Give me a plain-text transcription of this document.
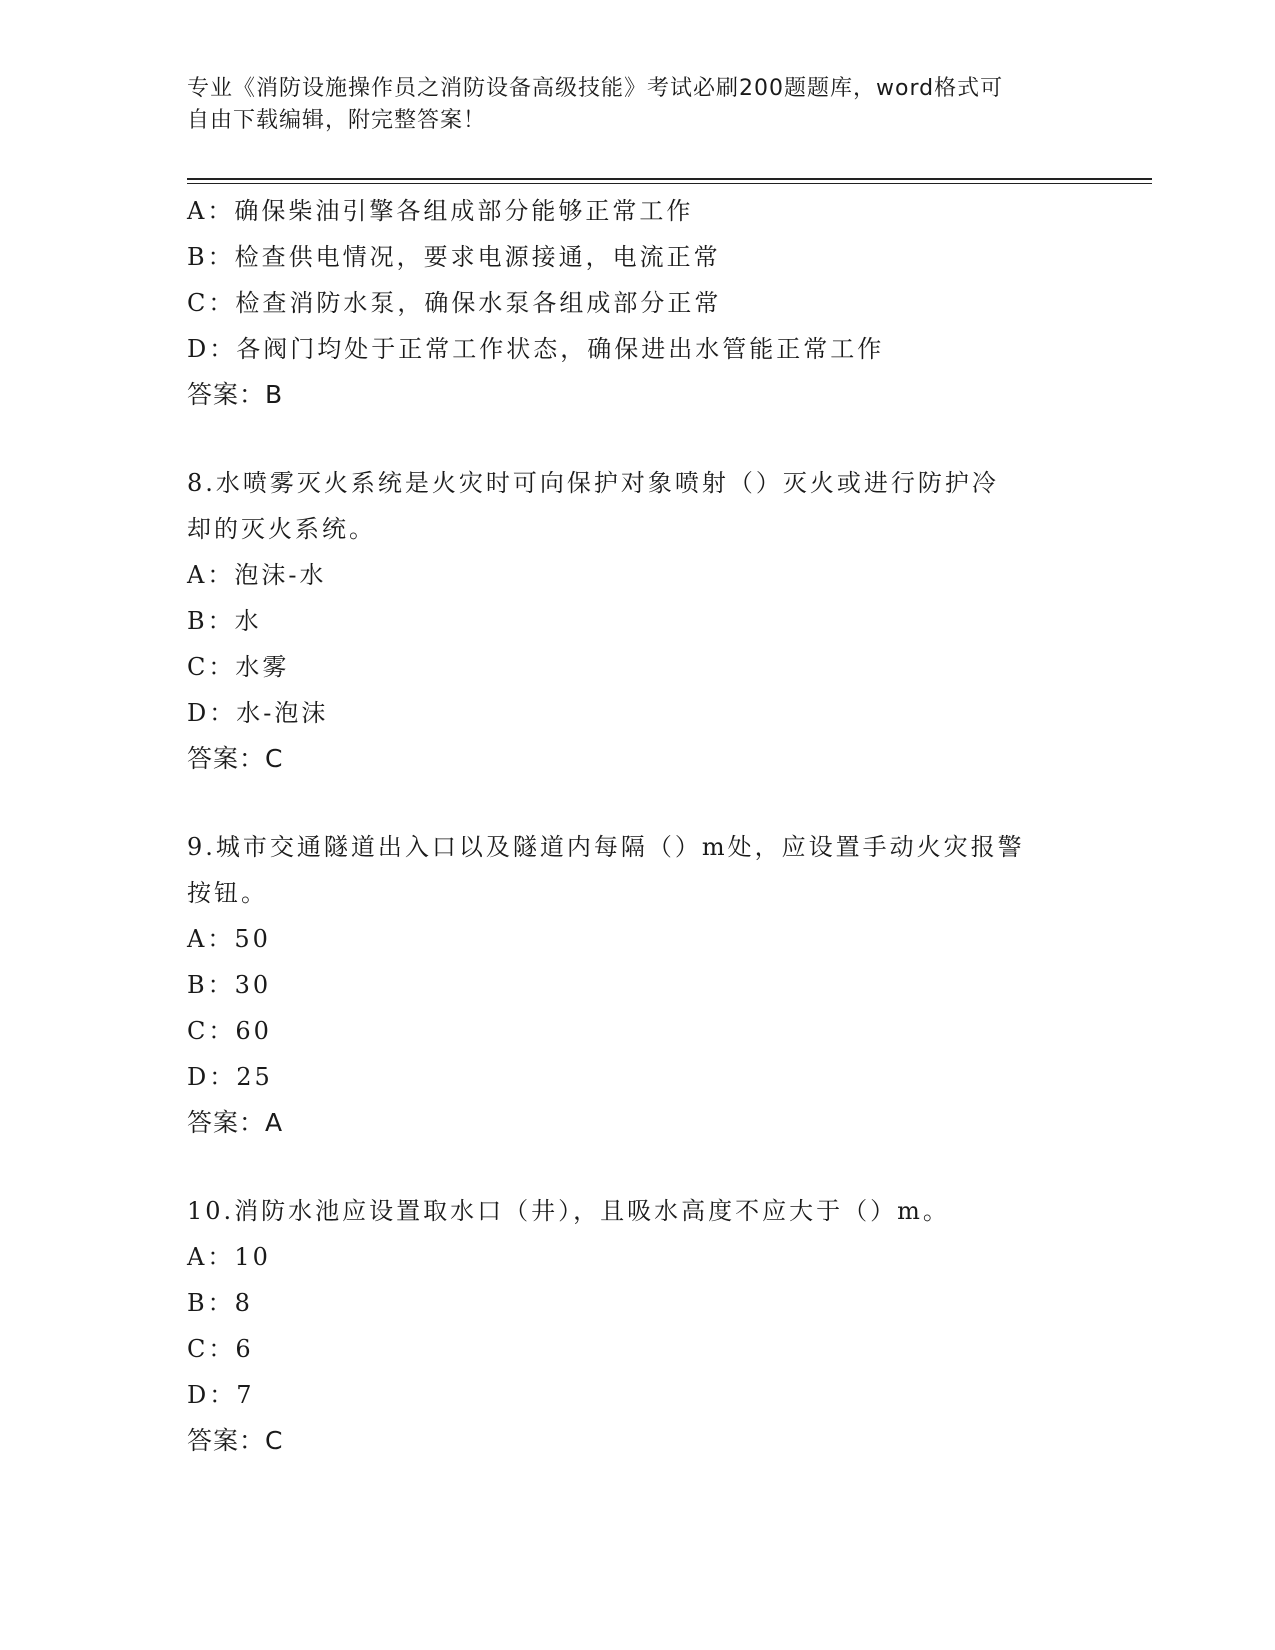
专业《消防设施操作员之消防设备高级技能》考试必刷200题题库，word格式可
自由下载编辑，附完整答案！
A：确保柴油引擎各组成部分能够正常工作
B：检查供电情况，要求电源接通，电流正常
C：检查消防水泵，确保水泵各组成部分正常
D：各阀门均处于正常工作状态，确保进出水管能正常工作
答案：B
8.水喷雾灭火系统是火灾时可向保护对象喷射（）灭火或进行防护冷
却的灭火系统。
A：泡沫-水
B：水
C：水雾
D：水-泡沫
答案：C
9.城市交通隧道出入口以及隧道内每隔（）m处，应设置手动火灾报警
按钮。
A：50
B：30
C：60
D：25
答案：A
10.消防水池应设置取水口（井），且吸水高度不应大于（）m。
A：10
B：8
C：6
D：7
答案：C
